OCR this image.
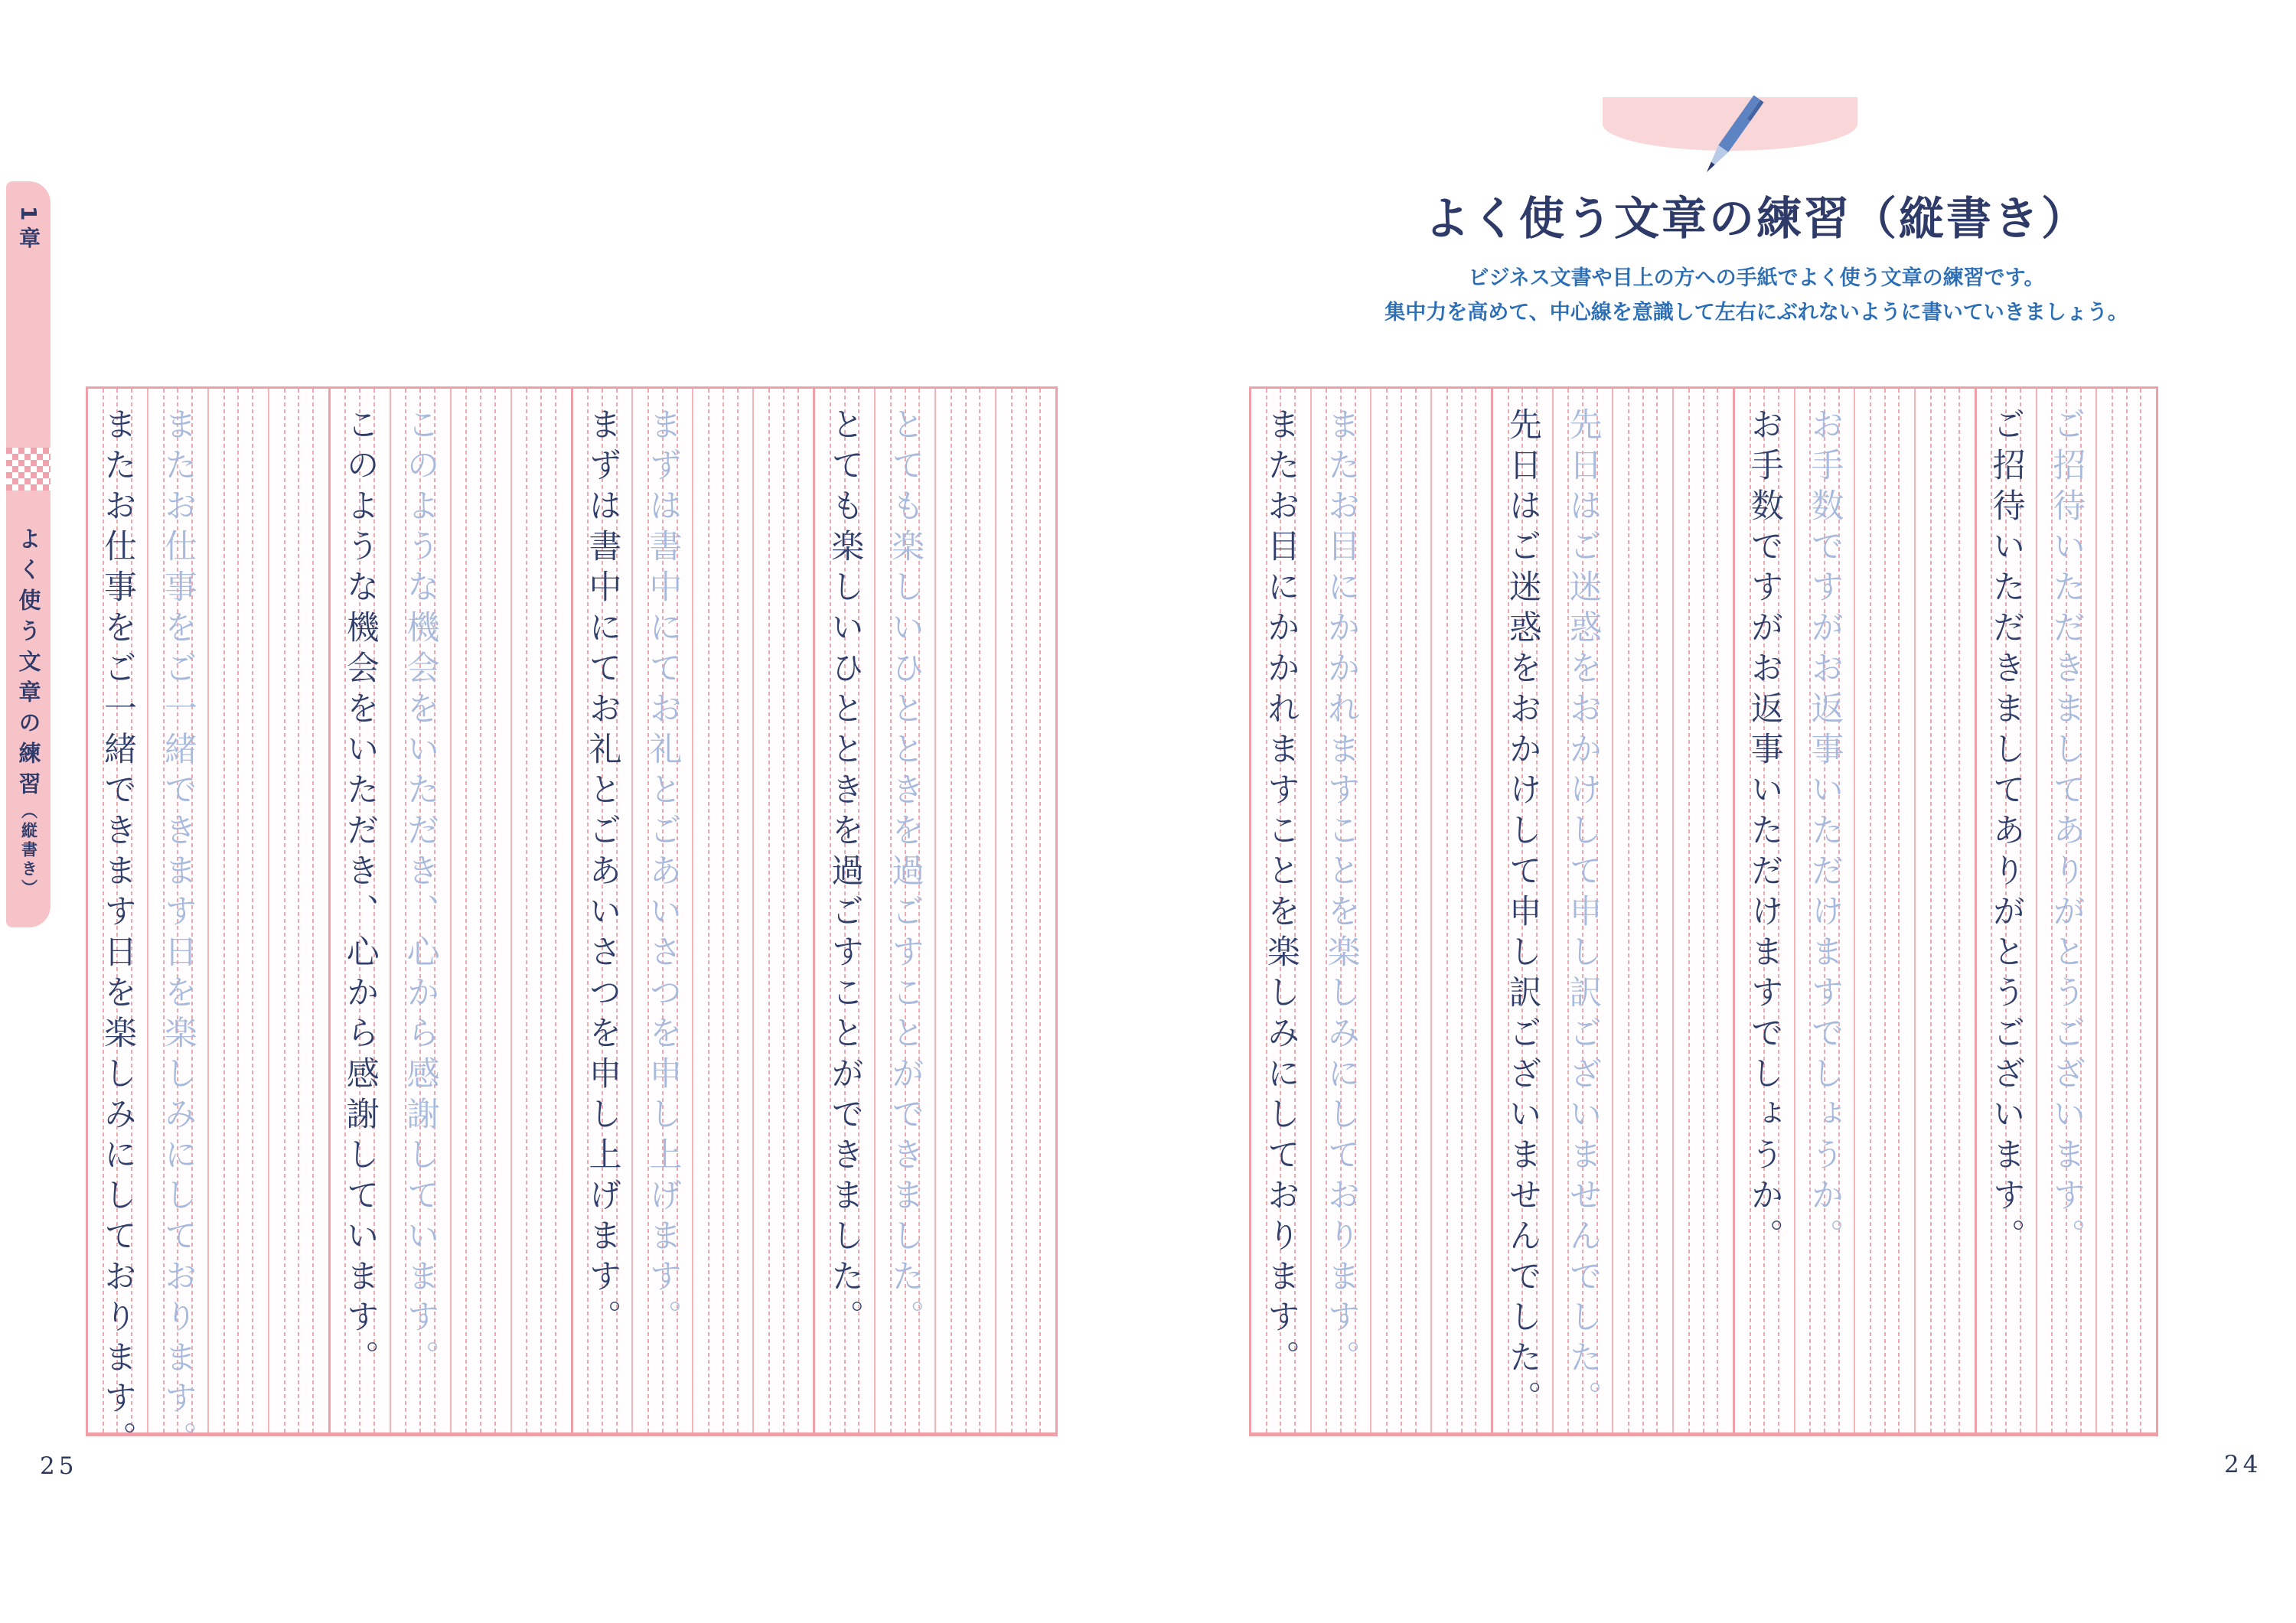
1章
よく使う文章の練習（縦書き）
よく使う文章の練習（縦書き）
ビジネス文書や目上の方への手紙でよく使う文章の練習です。
集中力を高めて、中心線を意識して左右にぶれないように書いていきましょう。
またお仕事をご一緒できます日を楽しみにしております。 またお仕事をご一緒できます日を楽しみにしております。	このような機会をいただき、心から感謝しています。 このような機会をいただき、心から感謝しています。	まずは書中にてお礼とごあいさつを申し上げます。 まずは書中にてお礼とごあいさつを申し上げます。	とても楽しいひとときを過ごすことができました。 とても楽しいひとときを過ごすことができました。	またお目にかかれますことを楽しみにしております。 またお目にかかれますことを楽しみにしております。	先日はご迷惑をおかけして申し訳ございませんでした。 先日はご迷惑をおかけして申し訳ございませんでした。	お手数ですがお返事いただけますでしょうか。 お手数ですがお返事いただけますでしょうか。	ご招待いただきましてありがとうございます。 ご招待いただきましてありがとうございます。
25	24
